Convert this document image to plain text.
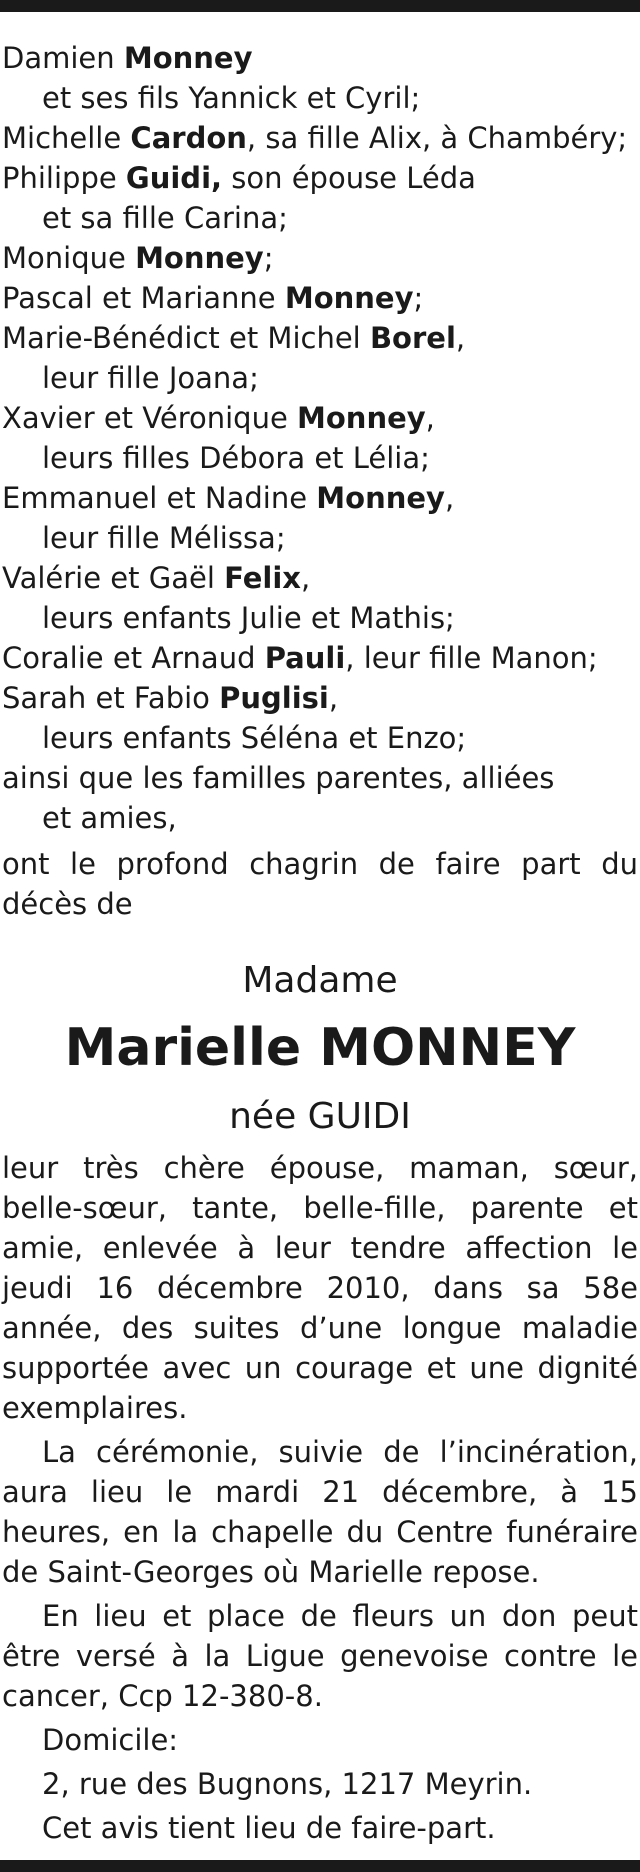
Damien Monney
et ses fils Yannick et Cyril;
Michelle Cardon, sa fille Alix, à Chambéry;
Philippe Guidi, son épouse Léda
et sa fille Carina;
Monique Monney;
Pascal et Marianne Monney;
Marie-Bénédict et Michel Borel,
leur fille Joana;
Xavier et Véronique Monney,
leurs filles Débora et Lélia;
Emmanuel et Nadine Monney,
leur fille Mélissa;
Valérie et Gaël Felix,
leurs enfants Julie et Mathis;
Coralie et Arnaud Pauli, leur fille Manon;
Sarah et Fabio Puglisi,
leurs enfants Séléna et Enzo;
ainsi que les familles parentes, alliées
et amies,
ont le profond chagrin de faire part du décès de
Madame
Marielle MONNEY
née GUIDI

leur très chère épouse, maman, sœur, belle-sœur, tante, belle-fille, parente et amie, enlevée à leur tendre affection le jeudi 16 décembre 2010, dans sa 58e année, des suites d’une longue maladie supportée avec un courage et une dignité exemplaires.

La cérémonie, suivie de l’incinération, aura lieu le mardi 21 décembre, à 15 heures, en la chapelle du Centre funéraire de Saint-Georges où Marielle repose.

En lieu et place de fleurs un don peut être versé à la Ligue genevoise contre le cancer, Ccp 12-380-8.

Domicile:
2, rue des Bugnons, 1217 Meyrin.
Cet avis tient lieu de faire-part.
